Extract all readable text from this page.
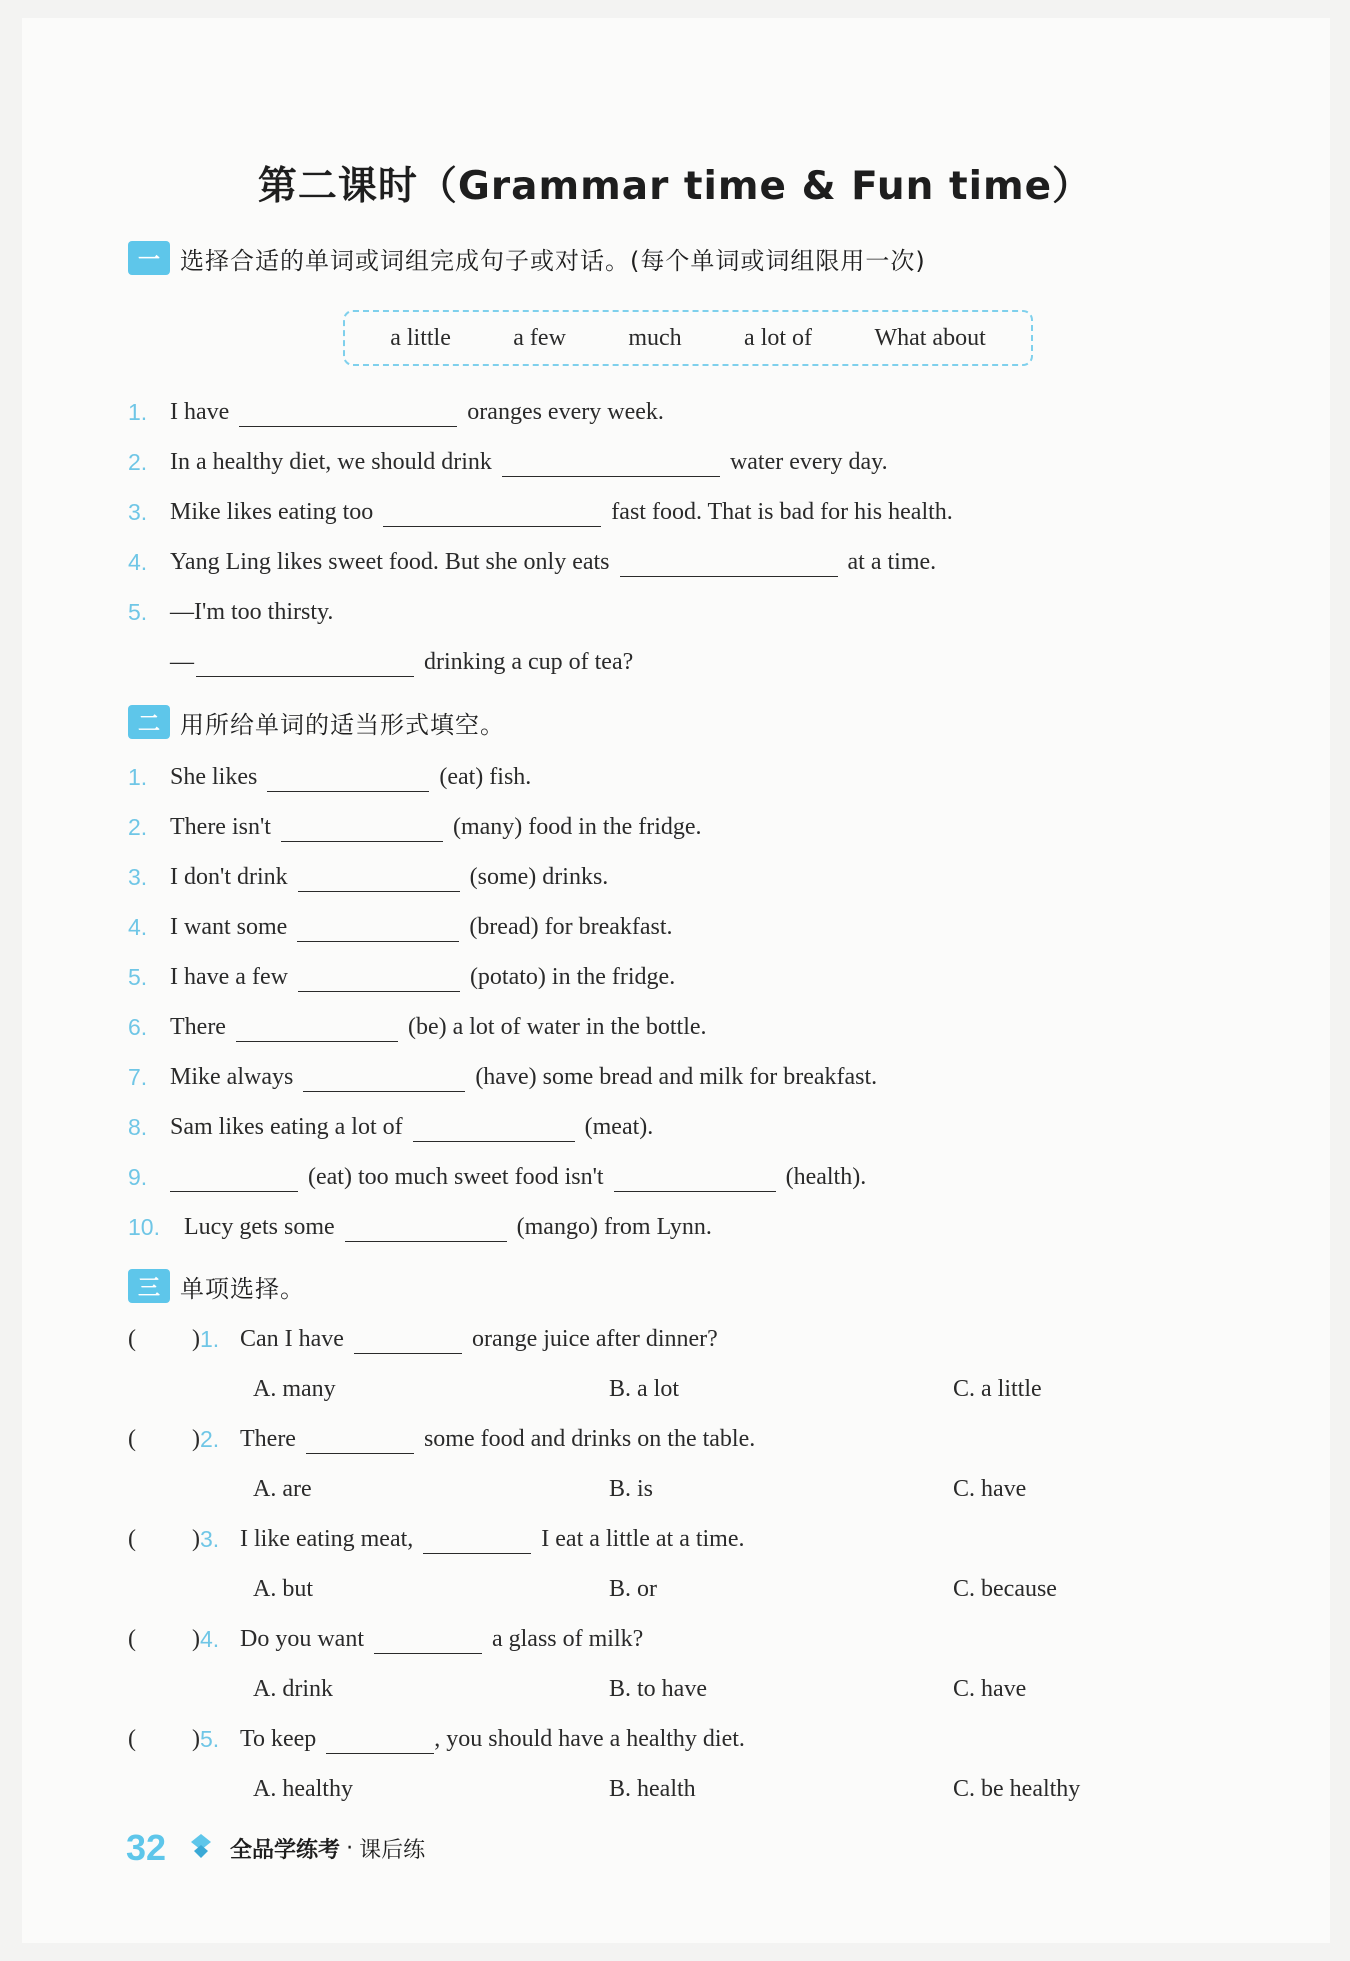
第二课时（Grammar time & Fun time）
一 选择合适的单词或词组完成句子或对话。(每个单词或词组限用一次)
a little	a few	much	a lot of	What about
1. I have	oranges every week.
2. In a healthy diet, we should drink	water every day.
3. Mike likes eating too	fast food. That is bad for his health.
4. Yang Ling likes sweet food. But she only eats	at a time.
5. —I'm too thirsty.
—	drinking a cup of tea?
二 用所给单词的适当形式填空。
1. She likes	(eat) fish.
2. There isn't	(many) food in the fridge.
3. I don't drink	(some) drinks.
4. I want some	(bread) for breakfast.
5. I have a few	(potato) in the fridge.
6. There	(be) a lot of water in the bottle.
7. Mike always	(have) some bread and milk for breakfast.
8. Sam likes eating a lot of	(meat).
9.	(eat) too much sweet food isn't	(health).
10.	Lucy gets some	(mango) from Lynn.
三 单项选择。
( ) 1. Can I have	orange juice after dinner?
A. many	B. a lot	C. a little
( ) 2. There	some food and drinks on the table.
A. are	B. is	C. have
( ) 3. I like eating meat,	I eat a little at a time.
A. but	B. or	C. because
( ) 4. Do you want	a glass of milk?
A. drink	B. to have	C. have
( ) 5. To keep	, you should have a healthy diet.
A. healthy	B. health	C. be healthy
32	全品学练考 · 课后练
